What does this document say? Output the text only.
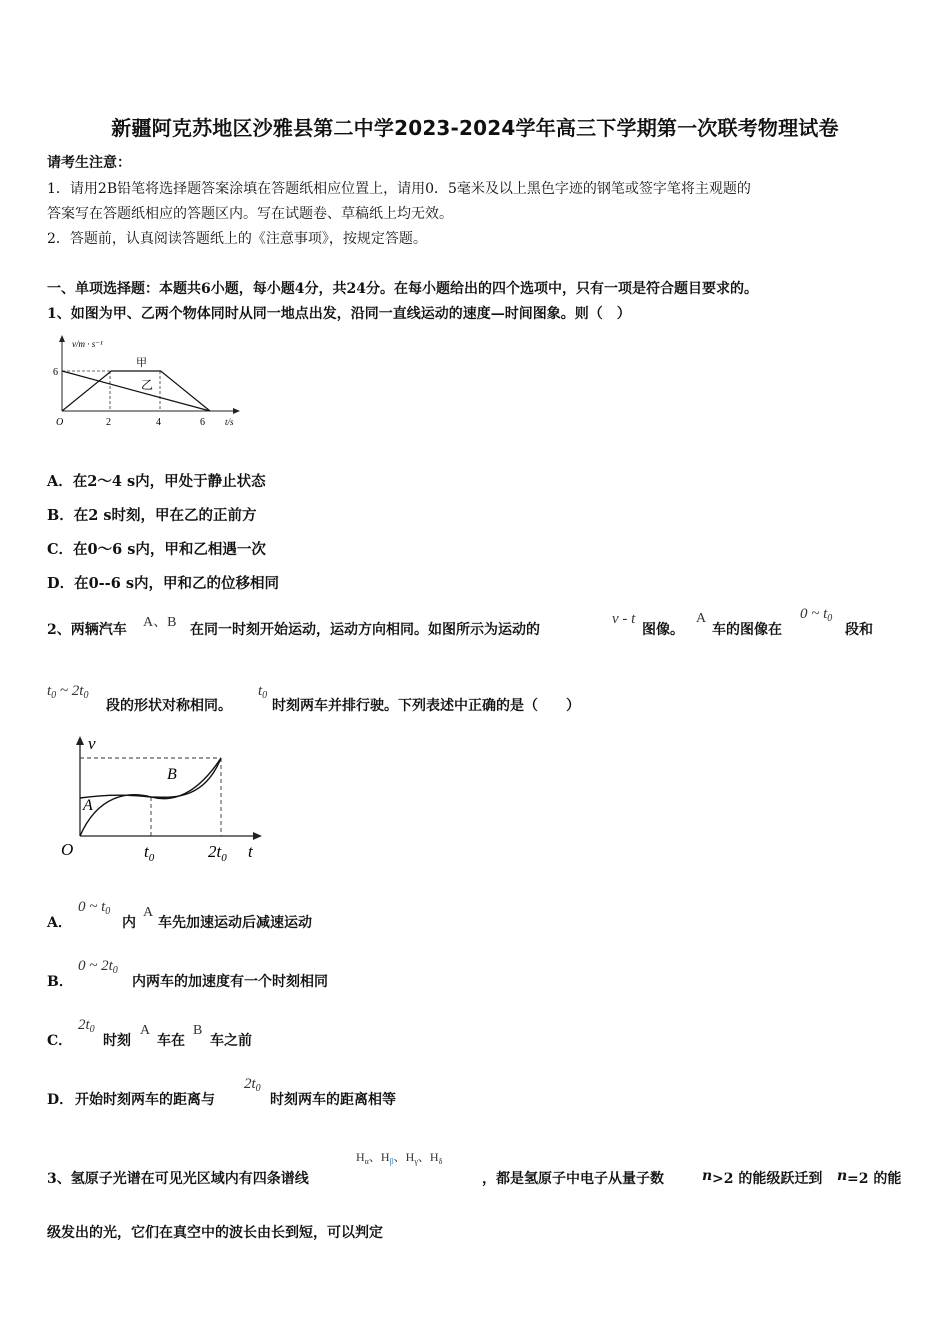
新疆阿克苏地区沙雅县第二中学2023-2024学年高三下学期第一次联考物理试卷
请考生注意：
1．请用2B铅笔将选择题答案涂填在答题纸相应位置上，请用0．5毫米及以上黑色字迹的钢笔或签字笔将主观题的
答案写在答题纸相应的答题区内。写在试题卷、草稿纸上均无效。
2．答题前，认真阅读答题纸上的《注意事项》，按规定答题。
一、单项选择题：本题共6小题，每小题4分，共24分。在每小题给出的四个选项中，只有一项是符合题目要求的。
1、如图为甲、乙两个物体同时从同一地点出发，沿同一直线运动的速度—时间图象。则（　）
v/m · s⁻¹
6
O	2	4	6 t/s
甲
乙
A．在2～4 s内，甲处于静止状态
B．在2 s时刻，甲在乙的正前方
C．在0～6 s内，甲和乙相遇一次
D．在0--6 s内，甲和乙的位移相同
2、两辆汽车 A、B 在同一时刻开始运动，运动方向相同。如图所示为运动的
v - t
图像。
A
车的图像在
0 ~ $t_0$
段和
$t_0$ ~ $2t_0$
段的形状对称相同。
$t_0$
时刻两车并排行驶。下列表述中正确的是（　　）
v
O	$t_0$	$2t_0$ t
A
B
A．
0 ~ $t_0$
内
A
车先加速运动后减速运动
B．
0 ~ $2t_0$
内两车的加速度有一个时刻相同
C．
$2t_0$
时刻
A
车在
B
车之前
D． 开始时刻两车的距离与
$2t_0$
时刻两车的距离相等
3、氢原子光谱在可见光区域内有四条谱线
$H_\alpha$、$H_\beta$、$H_\gamma$、$H_\delta$
，都是氢原子中电子从量子数	n >2 的能级跃迁到 n =2 的能
级发出的光，它们在真空中的波长由长到短，可以判定
